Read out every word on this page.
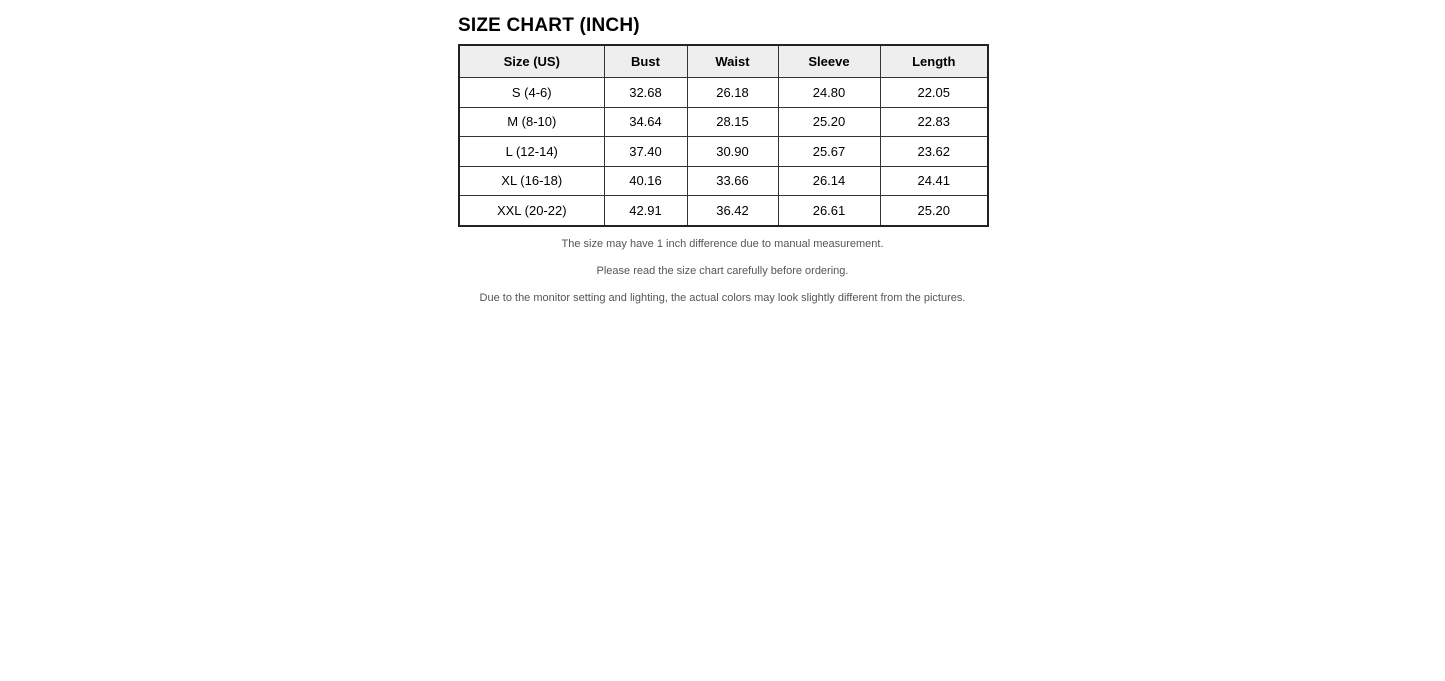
SIZE CHART (INCH)
Size (US)	Bust	Waist	Sleeve	Length
S (4-6)	32.68	26.18	24.80	22.05
M (8-10)	34.64	28.15	25.20	22.83
L (12-14)	37.40	30.90	25.67	23.62
XL (16-18)	40.16	33.66	26.14	24.41
XXL (20-22)	42.91	36.42	26.61	25.20

The size may have 1 inch difference due to manual measurement.

Please read the size chart carefully before ordering.

Due to the monitor setting and lighting, the actual colors may look slightly different from the pictures.
